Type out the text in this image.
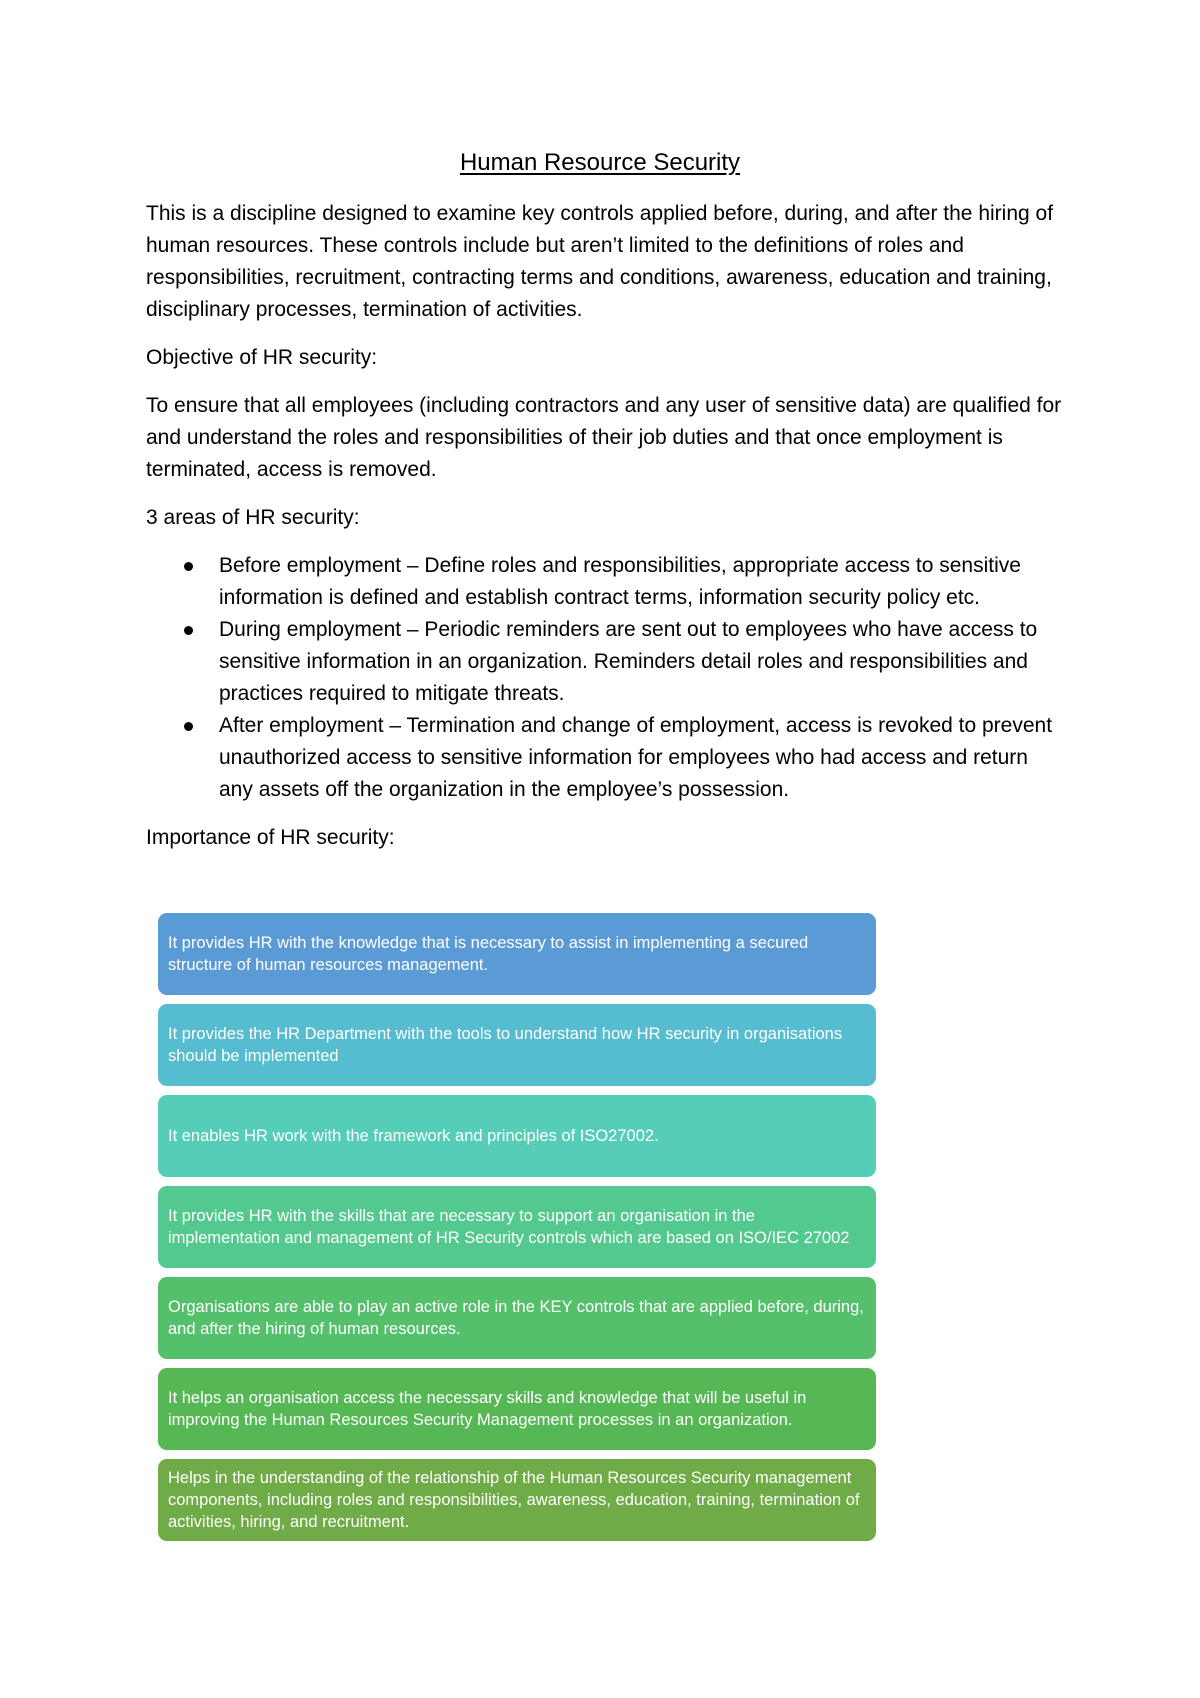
Human Resource Security

This is a discipline designed to examine key controls applied before, during, and after the hiring of human resources. These controls include but aren’t limited to the definitions of roles and responsibilities, recruitment, contracting terms and conditions, awareness, education and training, disciplinary processes, termination of activities.

Objective of HR security:

To ensure that all employees (including contractors and any user of sensitive data) are qualified for and understand the roles and responsibilities of their job duties and that once employment is terminated, access is removed.

3 areas of HR security:

Before employment – Define roles and responsibilities, appropriate access to sensitive information is defined and establish contract terms, information security policy etc.
During employment – Periodic reminders are sent out to employees who have access to sensitive information in an organization. Reminders detail roles and responsibilities and practices required to mitigate threats.
After employment – Termination and change of employment, access is revoked to prevent unauthorized access to sensitive information for employees who had access and return any assets off the organization in the employee’s possession.

Importance of HR security:

It provides HR with the knowledge that is necessary to assist in implementing a secured structure of human resources management.
It provides the HR Department with the tools to understand how HR security in organisations should be implemented
It enables HR work with the framework and principles of ISO27002.
It provides HR with the skills that are necessary to support an organisation in the implementation and management of HR Security controls which are based on ISO/IEC 27002
Organisations are able to play an active role in the KEY controls that are applied before, during, and after the hiring of human resources.
It helps an organisation access the necessary skills and knowledge that will be useful in improving the Human Resources Security Management processes in an organization.
Helps in the understanding of the relationship of the Human Resources Security management components, including roles and responsibilities, awareness, education, training, termination of activities, hiring, and recruitment.
